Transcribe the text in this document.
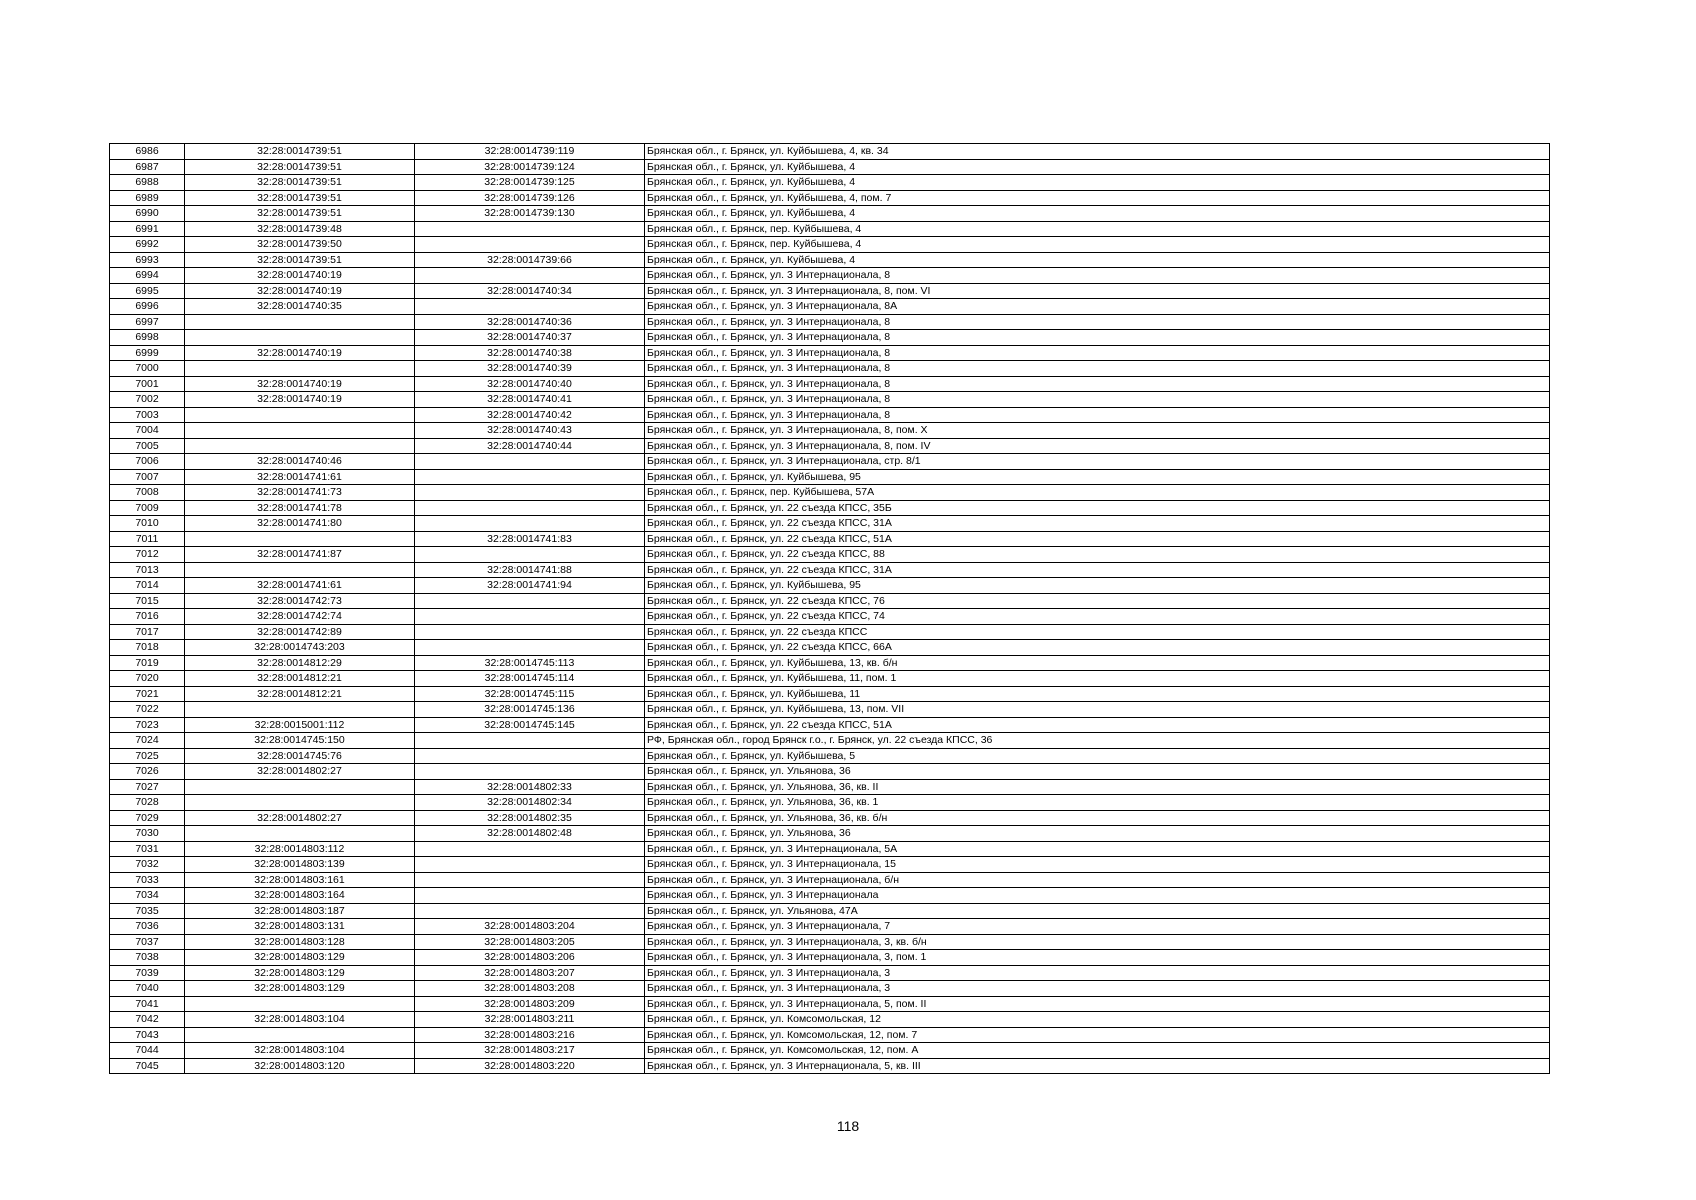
6986	32:28:0014739:51	32:28:0014739:119	Брянская обл., г. Брянск, ул. Куйбышева, 4, кв. 34
6987	32:28:0014739:51	32:28:0014739:124	Брянская обл., г. Брянск, ул. Куйбышева, 4
6988	32:28:0014739:51	32:28:0014739:125	Брянская обл., г. Брянск, ул. Куйбышева, 4
6989	32:28:0014739:51	32:28:0014739:126	Брянская обл., г. Брянск, ул. Куйбышева, 4, пом. 7
6990	32:28:0014739:51	32:28:0014739:130	Брянская обл., г. Брянск, ул. Куйбышева, 4
6991	32:28:0014739:48		Брянская обл., г. Брянск, пер. Куйбышева, 4
6992	32:28:0014739:50		Брянская обл., г. Брянск, пер. Куйбышева, 4
6993	32:28:0014739:51	32:28:0014739:66	Брянская обл., г. Брянск, ул. Куйбышева, 4
6994	32:28:0014740:19		Брянская обл., г. Брянск, ул. 3 Интернационала, 8
6995	32:28:0014740:19	32:28:0014740:34	Брянская обл., г. Брянск, ул. 3 Интернационала, 8, пом. VI
6996	32:28:0014740:35		Брянская обл., г. Брянск, ул. 3 Интернационала, 8А
6997		32:28:0014740:36	Брянская обл., г. Брянск, ул. 3 Интернационала, 8
6998		32:28:0014740:37	Брянская обл., г. Брянск, ул. 3 Интернационала, 8
6999	32:28:0014740:19	32:28:0014740:38	Брянская обл., г. Брянск, ул. 3 Интернационала, 8
7000		32:28:0014740:39	Брянская обл., г. Брянск, ул. 3 Интернационала, 8
7001	32:28:0014740:19	32:28:0014740:40	Брянская обл., г. Брянск, ул. 3 Интернационала, 8
7002	32:28:0014740:19	32:28:0014740:41	Брянская обл., г. Брянск, ул. 3 Интернационала, 8
7003		32:28:0014740:42	Брянская обл., г. Брянск, ул. 3 Интернационала, 8
7004		32:28:0014740:43	Брянская обл., г. Брянск, ул. 3 Интернационала, 8, пом. X
7005		32:28:0014740:44	Брянская обл., г. Брянск, ул. 3 Интернационала, 8, пом. IV
7006	32:28:0014740:46		Брянская обл., г. Брянск, ул. 3 Интернационала, стр. 8/1
7007	32:28:0014741:61		Брянская обл., г. Брянск, ул. Куйбышева, 95
7008	32:28:0014741:73		Брянская обл., г. Брянск, пер. Куйбышева, 57А
7009	32:28:0014741:78		Брянская обл., г. Брянск, ул. 22 съезда КПСС, 35Б
7010	32:28:0014741:80		Брянская обл., г. Брянск, ул. 22 съезда КПСС, 31А
7011		32:28:0014741:83	Брянская обл., г. Брянск, ул. 22 съезда КПСС, 51А
7012	32:28:0014741:87		Брянская обл., г. Брянск, ул. 22 съезда КПСС, 88
7013		32:28:0014741:88	Брянская обл., г. Брянск, ул. 22 съезда КПСС, 31А
7014	32:28:0014741:61	32:28:0014741:94	Брянская обл., г. Брянск, ул. Куйбышева, 95
7015	32:28:0014742:73		Брянская обл., г. Брянск, ул. 22 съезда КПСС, 76
7016	32:28:0014742:74		Брянская обл., г. Брянск, ул. 22 съезда КПСС, 74
7017	32:28:0014742:89		Брянская обл., г. Брянск, ул. 22 съезда КПСС
7018	32:28:0014743:203		Брянская обл., г. Брянск, ул. 22 съезда КПСС, 66А
7019	32:28:0014812:29	32:28:0014745:113	Брянская обл., г. Брянск, ул. Куйбышева, 13, кв. б/н
7020	32:28:0014812:21	32:28:0014745:114	Брянская обл., г. Брянск, ул. Куйбышева, 11, пом. 1
7021	32:28:0014812:21	32:28:0014745:115	Брянская обл., г. Брянск, ул. Куйбышева, 11
7022		32:28:0014745:136	Брянская обл., г. Брянск, ул. Куйбышева, 13, пом. VII
7023	32:28:0015001:112	32:28:0014745:145	Брянская обл., г. Брянск, ул. 22 съезда КПСС, 51А
7024	32:28:0014745:150		РФ, Брянская обл., город Брянск г.о., г. Брянск, ул. 22 съезда КПСС, 36
7025	32:28:0014745:76		Брянская обл., г. Брянск, ул. Куйбышева, 5
7026	32:28:0014802:27		Брянская обл., г. Брянск, ул. Ульянова, 36
7027		32:28:0014802:33	Брянская обл., г. Брянск, ул. Ульянова, 36, кв. II
7028		32:28:0014802:34	Брянская обл., г. Брянск, ул. Ульянова, 36, кв. 1
7029	32:28:0014802:27	32:28:0014802:35	Брянская обл., г. Брянск, ул. Ульянова, 36, кв. б/н
7030		32:28:0014802:48	Брянская обл., г. Брянск, ул. Ульянова, 36
7031	32:28:0014803:112		Брянская обл., г. Брянск, ул. 3 Интернационала, 5А
7032	32:28:0014803:139		Брянская обл., г. Брянск, ул. 3 Интернационала, 15
7033	32:28:0014803:161		Брянская обл., г. Брянск, ул. 3 Интернационала, б/н
7034	32:28:0014803:164		Брянская обл., г. Брянск, ул. 3 Интернационала
7035	32:28:0014803:187		Брянская обл., г. Брянск, ул. Ульянова, 47А
7036	32:28:0014803:131	32:28:0014803:204	Брянская обл., г. Брянск, ул. 3 Интернационала, 7
7037	32:28:0014803:128	32:28:0014803:205	Брянская обл., г. Брянск, ул. 3 Интернационала, 3, кв. б/н
7038	32:28:0014803:129	32:28:0014803:206	Брянская обл., г. Брянск, ул. 3 Интернационала, 3, пом. 1
7039	32:28:0014803:129	32:28:0014803:207	Брянская обл., г. Брянск, ул. 3 Интернационала, 3
7040	32:28:0014803:129	32:28:0014803:208	Брянская обл., г. Брянск, ул. 3 Интернационала, 3
7041		32:28:0014803:209	Брянская обл., г. Брянск, ул. 3 Интернационала, 5, пом. II
7042	32:28:0014803:104	32:28:0014803:211	Брянская обл., г. Брянск, ул. Комсомольская, 12
7043		32:28:0014803:216	Брянская обл., г. Брянск, ул. Комсомольская, 12, пом. 7
7044	32:28:0014803:104	32:28:0014803:217	Брянская обл., г. Брянск, ул. Комсомольская, 12, пом. А
7045	32:28:0014803:120	32:28:0014803:220	Брянская обл., г. Брянск, ул. 3 Интернационала, 5, кв. III
118
